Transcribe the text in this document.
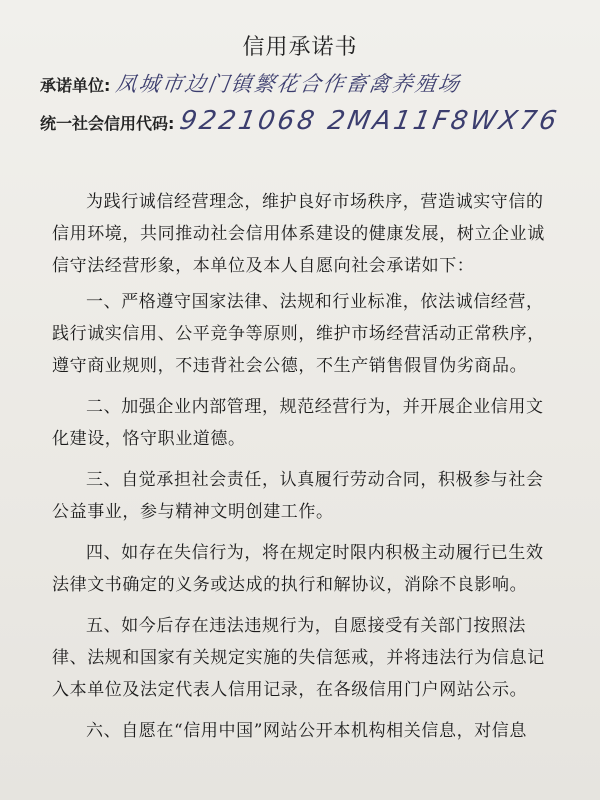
信用承诺书
承诺单位: 凤城市边门镇繁花合作畜禽养殖场
统一社会信用代码: 9221068 2MA11F8WX76

为践行诚信经营理念，维护良好市场秩序，营造诚实守信的信用环境，共同推动社会信用体系建设的健康发展，树立企业诚信守法经营形象，本单位及本人自愿向社会承诺如下：

一、严格遵守国家法律、法规和行业标准，依法诚信经营，践行诚实信用、公平竞争等原则，维护市场经营活动正常秩序，遵守商业规则，不违背社会公德，不生产销售假冒伪劣商品。

二、加强企业内部管理，规范经营行为，并开展企业信用文化建设，恪守职业道德。

三、自觉承担社会责任，认真履行劳动合同，积极参与社会公益事业，参与精神文明创建工作。

四、如存在失信行为，将在规定时限内积极主动履行已生效法律文书确定的义务或达成的执行和解协议，消除不良影响。

五、如今后存在违法违规行为，自愿接受有关部门按照法律、法规和国家有关规定实施的失信惩戒，并将违法行为信息记入本单位及法定代表人信用记录，在各级信用门户网站公示。

六、自愿在“信用中国”网站公开本机构相关信息，对信息
